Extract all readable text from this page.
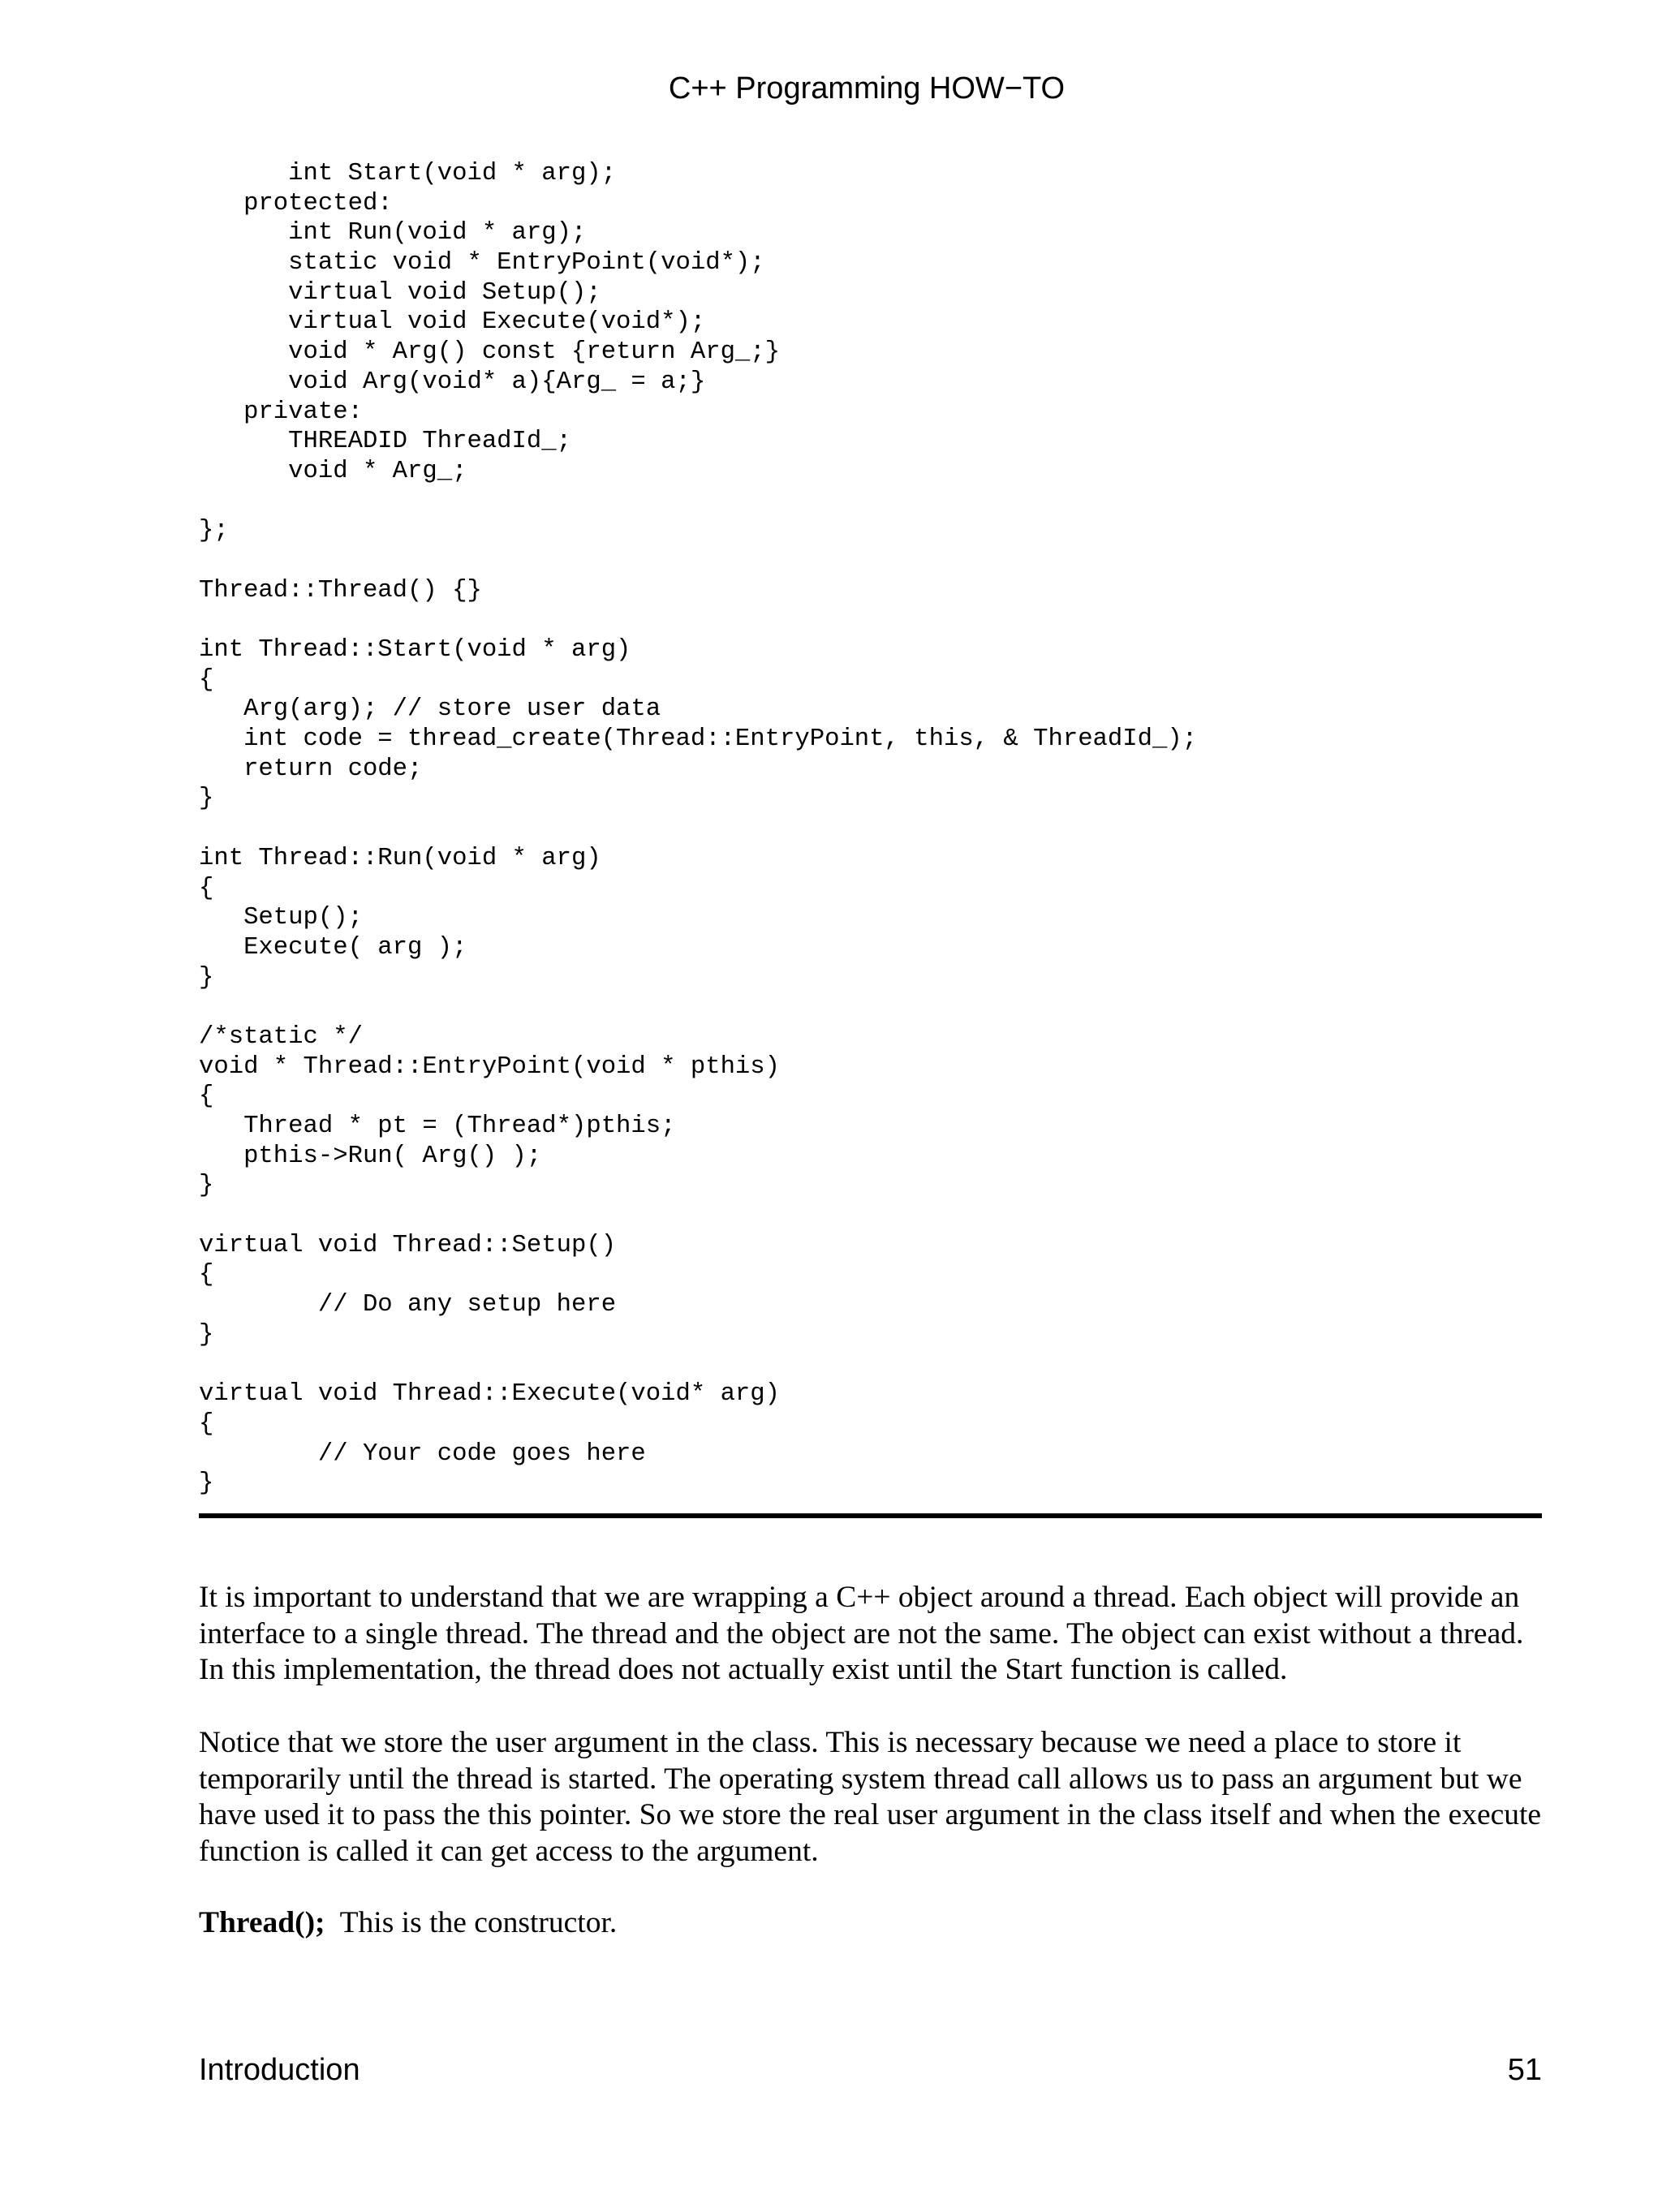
C++ Programming HOW−TO
int Start(void * arg);
protected:
int Run(void * arg);
static void * EntryPoint(void*);
virtual void Setup();
virtual void Execute(void*);
void * Arg() const {return Arg_;}
void Arg(void* a){Arg_ = a;}
private:
THREADID ThreadId_;
void * Arg_;
};
Thread::Thread() {}
int Thread::Start(void * arg)
{
Arg(arg); // store user data
int code = thread_create(Thread::EntryPoint, this, & ThreadId_);
return code;
}
int Thread::Run(void * arg)
{
Setup();
Execute( arg );
}
/*static */
void * Thread::EntryPoint(void * pthis)
{
Thread * pt = (Thread*)pthis;
pthis->Run( Arg() );
}
virtual void Thread::Setup()
{
// Do any setup here
}
virtual void Thread::Execute(void* arg)
{
// Your code goes here
}

It is important to understand that we are wrapping a C++ object around a thread. Each object will provide an interface to a single thread. The thread and the object are not the same. The object can exist without a thread. In this implementation, the thread does not actually exist until the Start function is called.

Notice that we store the user argument in the class. This is necessary because we need a place to store it temporarily until the thread is started. The operating system thread call allows us to pass an argument but we have used it to pass the this pointer. So we store the real user argument in the class itself and when the execute function is called it can get access to the argument.

Thread();  This is the constructor.

Introduction	51
